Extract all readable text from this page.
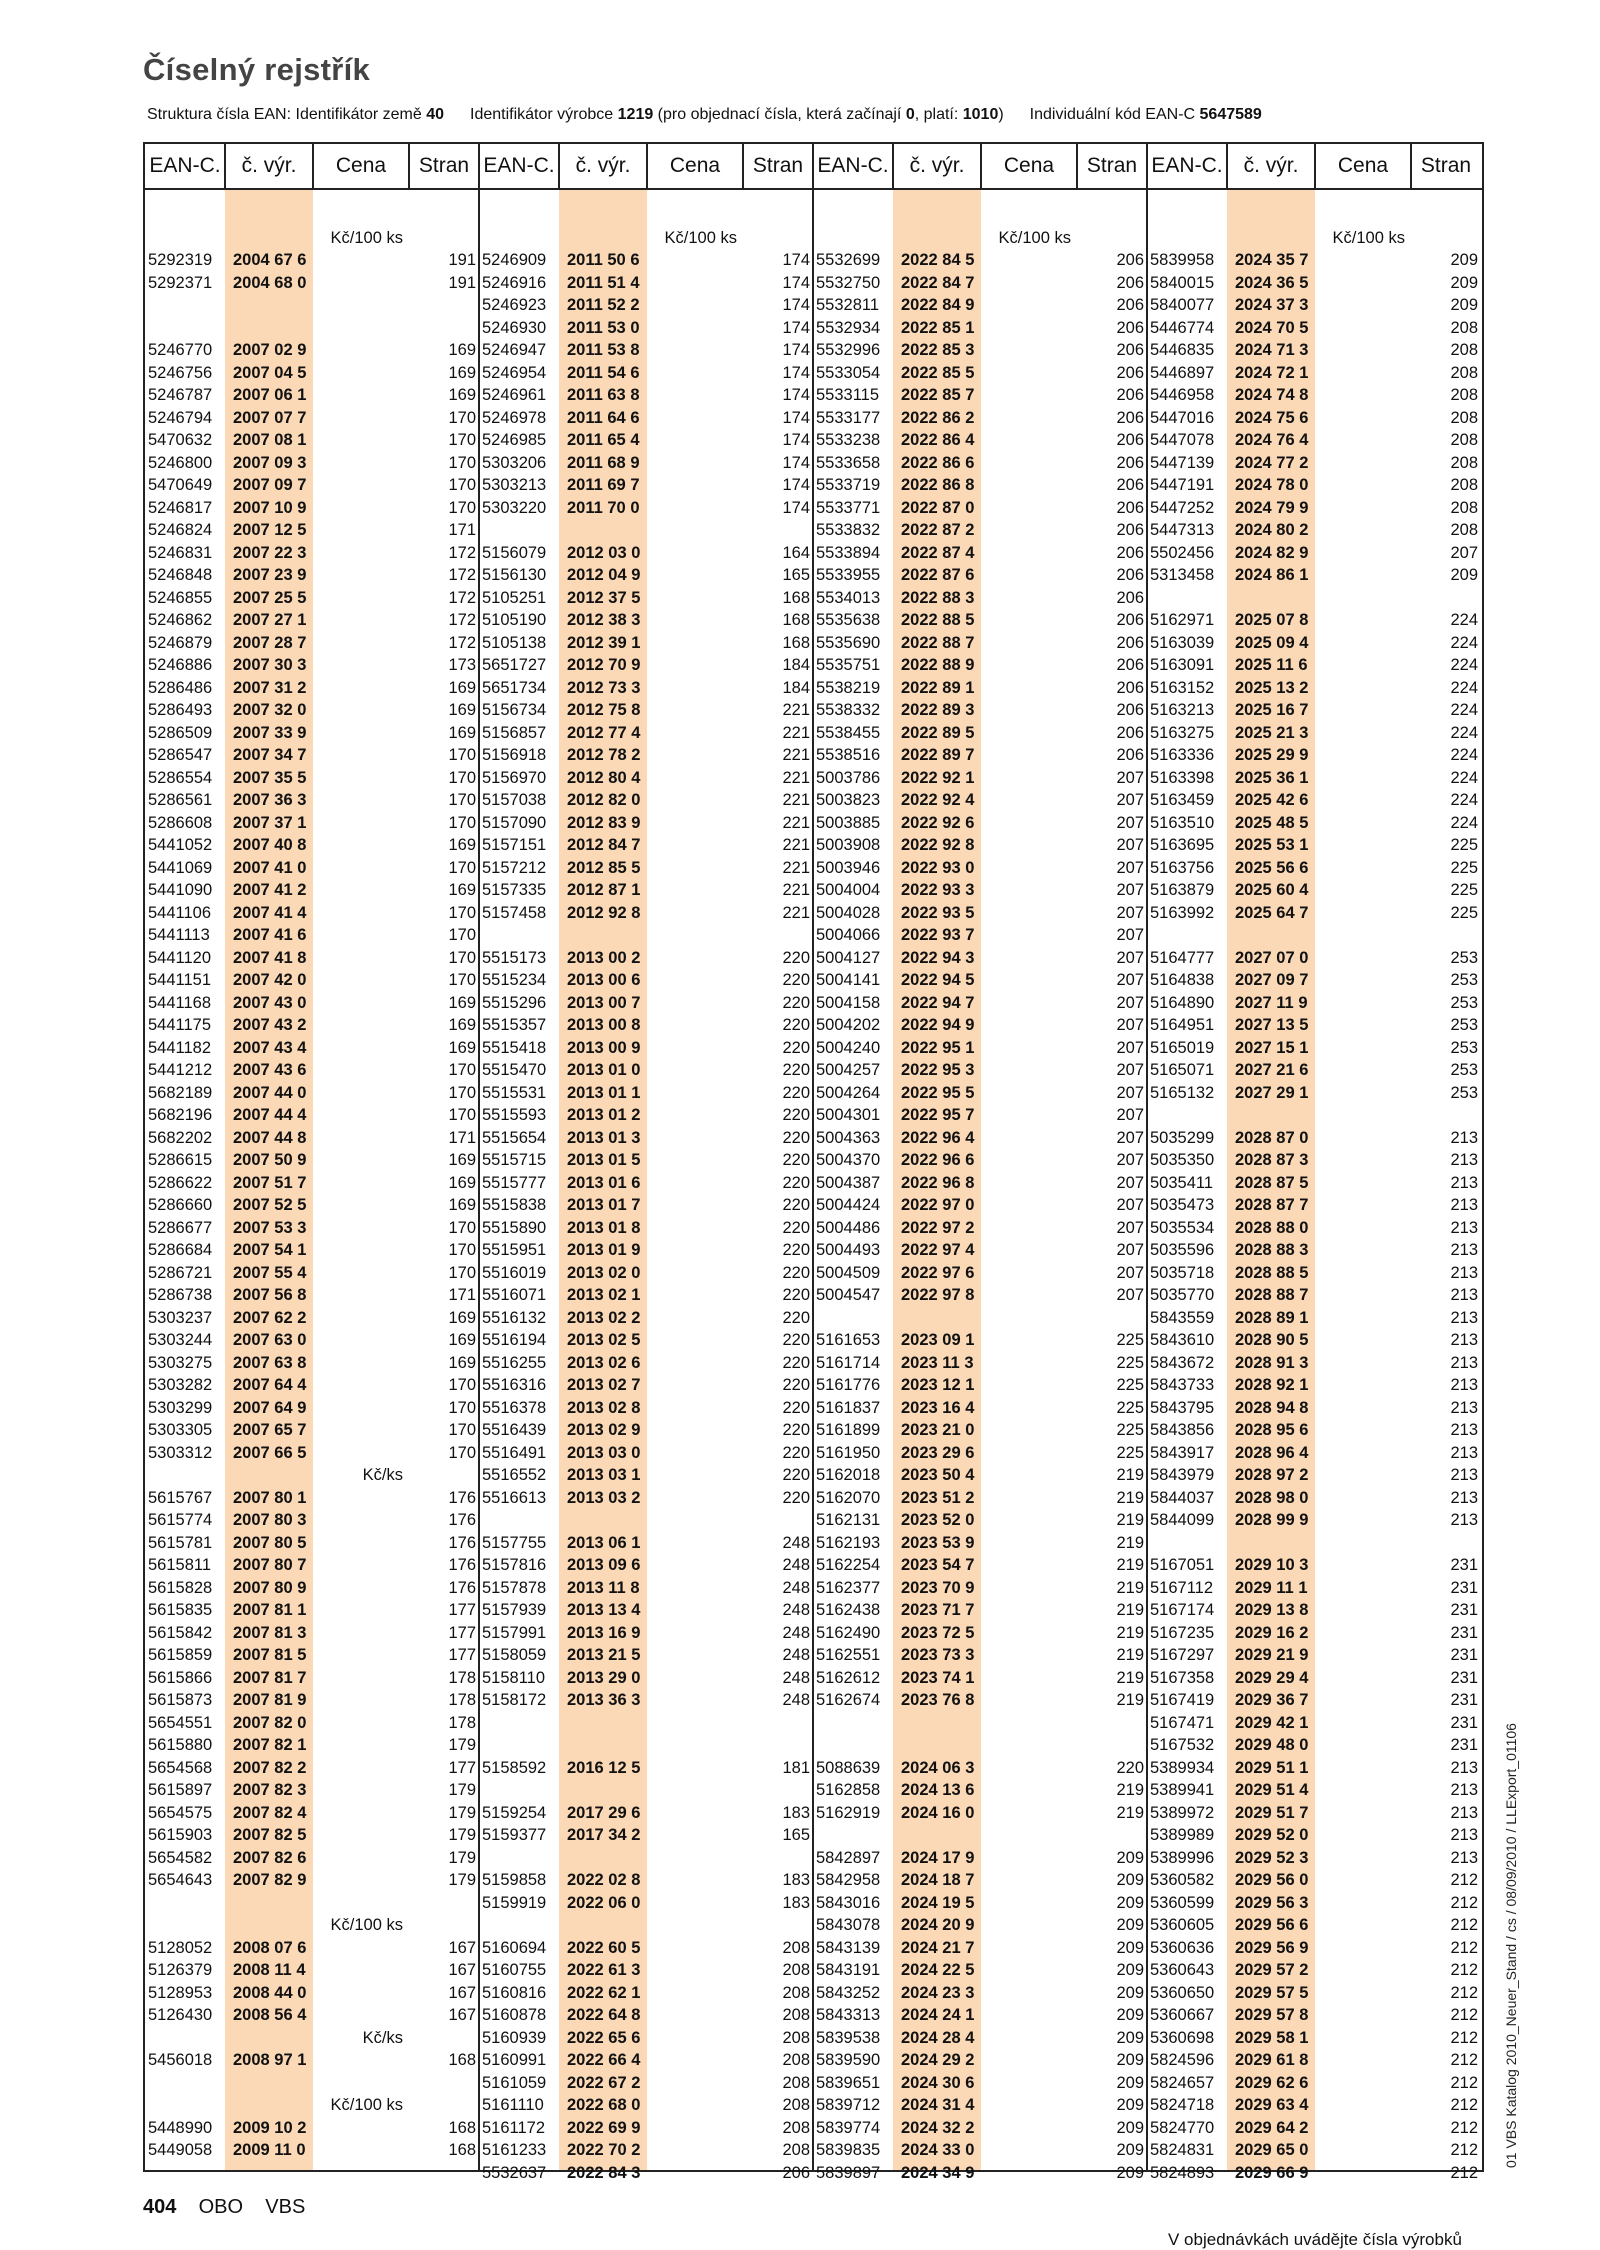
Číselný rejstřík
Struktura čísla EAN: Identifikátor země 40 Identifikátor výrobce 1219 (pro objednací čísla, která začínají 0, platí: 1010) Individuální kód EAN-C 5647589
EAN-C. č. výr.	Cena	Stran
Kč/100 ks
5292319	2004 67 6	191
5292371	2004 68 0	191
5246770	2007 02 9	169
5246756	2007 04 5	169
5246787	2007 06 1	169
5246794	2007 07 7	170
5470632	2007 08 1	170
5246800	2007 09 3	170
5470649	2007 09 7	170
5246817	2007 10 9	170
5246824	2007 12 5	171
5246831	2007 22 3	172
5246848	2007 23 9	172
5246855	2007 25 5	172
5246862	2007 27 1	172
5246879	2007 28 7	172
5246886	2007 30 3	173
5286486	2007 31 2	169
5286493	2007 32 0	169
5286509	2007 33 9	169
5286547	2007 34 7	170
5286554	2007 35 5	170
5286561	2007 36 3	170
5286608	2007 37 1	170
5441052	2007 40 8	169
5441069	2007 41 0	170
5441090	2007 41 2	169
5441106	2007 41 4	170
5441113	2007 41 6	170
5441120	2007 41 8	170
5441151	2007 42 0	170
5441168	2007 43 0	169
5441175	2007 43 2	169
5441182	2007 43 4	169
5441212	2007 43 6	170
5682189	2007 44 0	170
5682196	2007 44 4	170
5682202	2007 44 8	171
5286615	2007 50 9	169
5286622	2007 51 7	169
5286660	2007 52 5	169
5286677	2007 53 3	170
5286684	2007 54 1	170
5286721	2007 55 4	170
5286738	2007 56 8	171
5303237	2007 62 2	169
5303244	2007 63 0	169
5303275	2007 63 8	169
5303282	2007 64 4	170
5303299	2007 64 9	170
5303305	2007 65 7	170
5303312	2007 66 5	170
Kč/ks
5615767	2007 80 1	176
5615774	2007 80 3	176
5615781	2007 80 5	176
5615811	2007 80 7	176
5615828	2007 80 9	176
5615835	2007 81 1	177
5615842	2007 81 3	177
5615859	2007 81 5	177
5615866	2007 81 7	178
5615873	2007 81 9	178
5654551	2007 82 0	178
5615880	2007 82 1	179
5654568	2007 82 2	177
5615897	2007 82 3	179
5654575	2007 82 4	179
5615903	2007 82 5	179
5654582	2007 82 6	179
5654643	2007 82 9	179
Kč/100 ks
5128052	2008 07 6	167
5126379	2008 11 4	167
5128953	2008 44 0	167
5126430	2008 56 4	167
Kč/ks
5456018	2008 97 1	168
Kč/100 ks
5448990	2009 10 2	168
5449058	2009 11 0	168
EAN-C. č. výr.	Cena	Stran
Kč/100 ks
5246909	2011 50 6	174
5246916	2011 51 4	174
5246923	2011 52 2	174
5246930	2011 53 0	174
5246947	2011 53 8	174
5246954	2011 54 6	174
5246961	2011 63 8	174
5246978	2011 64 6	174
5246985	2011 65 4	174
5303206	2011 68 9	174
5303213	2011 69 7	174
5303220	2011 70 0	174
5156079	2012 03 0	164
5156130	2012 04 9	165
5105251	2012 37 5	168
5105190	2012 38 3	168
5105138	2012 39 1	168
5651727	2012 70 9	184
5651734	2012 73 3	184
5156734	2012 75 8	221
5156857	2012 77 4	221
5156918	2012 78 2	221
5156970	2012 80 4	221
5157038	2012 82 0	221
5157090	2012 83 9	221
5157151	2012 84 7	221
5157212	2012 85 5	221
5157335	2012 87 1	221
5157458	2012 92 8	221
5515173	2013 00 2	220
5515234	2013 00 6	220
5515296	2013 00 7	220
5515357	2013 00 8	220
5515418	2013 00 9	220
5515470	2013 01 0	220
5515531	2013 01 1	220
5515593	2013 01 2	220
5515654	2013 01 3	220
5515715	2013 01 5	220
5515777	2013 01 6	220
5515838	2013 01 7	220
5515890	2013 01 8	220
5515951	2013 01 9	220
5516019	2013 02 0	220
5516071	2013 02 1	220
5516132	2013 02 2	220
5516194	2013 02 5	220
5516255	2013 02 6	220
5516316	2013 02 7	220
5516378	2013 02 8	220
5516439	2013 02 9	220
5516491	2013 03 0	220
5516552	2013 03 1	220
5516613	2013 03 2	220
5157755	2013 06 1	248
5157816	2013 09 6	248
5157878	2013 11 8	248
5157939	2013 13 4	248
5157991	2013 16 9	248
5158059	2013 21 5	248
5158110	2013 29 0	248
5158172	2013 36 3	248
5158592	2016 12 5	181
5159254	2017 29 6	183
5159377	2017 34 2	165
5159858	2022 02 8	183
5159919	2022 06 0	183
5160694	2022 60 5	208
5160755	2022 61 3	208
5160816	2022 62 1	208
5160878	2022 64 8	208
5160939	2022 65 6	208
5160991	2022 66 4	208
5161059	2022 67 2	208
5161110	2022 68 0	208
5161172	2022 69 9	208
5161233	2022 70 2	208
5532637	2022 84 3	206
EAN-C. č. výr.	Cena	Stran
Kč/100 ks
5532699	2022 84 5	206
5532750	2022 84 7	206
5532811	2022 84 9	206
5532934	2022 85 1	206
5532996	2022 85 3	206
5533054	2022 85 5	206
5533115	2022 85 7	206
5533177	2022 86 2	206
5533238	2022 86 4	206
5533658	2022 86 6	206
5533719	2022 86 8	206
5533771	2022 87 0	206
5533832	2022 87 2	206
5533894	2022 87 4	206
5533955	2022 87 6	206
5534013	2022 88 3	206
5535638	2022 88 5	206
5535690	2022 88 7	206
5535751	2022 88 9	206
5538219	2022 89 1	206
5538332	2022 89 3	206
5538455	2022 89 5	206
5538516	2022 89 7	206
5003786	2022 92 1	207
5003823	2022 92 4	207
5003885	2022 92 6	207
5003908	2022 92 8	207
5003946	2022 93 0	207
5004004	2022 93 3	207
5004028	2022 93 5	207
5004066	2022 93 7	207
5004127	2022 94 3	207
5004141	2022 94 5	207
5004158	2022 94 7	207
5004202	2022 94 9	207
5004240	2022 95 1	207
5004257	2022 95 3	207
5004264	2022 95 5	207
5004301	2022 95 7	207
5004363	2022 96 4	207
5004370	2022 96 6	207
5004387	2022 96 8	207
5004424	2022 97 0	207
5004486	2022 97 2	207
5004493	2022 97 4	207
5004509	2022 97 6	207
5004547	2022 97 8	207
5161653	2023 09 1	225
5161714	2023 11 3	225
5161776	2023 12 1	225
5161837	2023 16 4	225
5161899	2023 21 0	225
5161950	2023 29 6	225
5162018	2023 50 4	219
5162070	2023 51 2	219
5162131	2023 52 0	219
5162193	2023 53 9	219
5162254	2023 54 7	219
5162377	2023 70 9	219
5162438	2023 71 7	219
5162490	2023 72 5	219
5162551	2023 73 3	219
5162612	2023 74 1	219
5162674	2023 76 8	219
5088639	2024 06 3	220
5162858	2024 13 6	219
5162919	2024 16 0	219
5842897	2024 17 9	209
5842958	2024 18 7	209
5843016	2024 19 5	209
5843078	2024 20 9	209
5843139	2024 21 7	209
5843191	2024 22 5	209
5843252	2024 23 3	209
5843313	2024 24 1	209
5839538	2024 28 4	209
5839590	2024 29 2	209
5839651	2024 30 6	209
5839712	2024 31 4	209
5839774	2024 32 2	209
5839835	2024 33 0	209
5839897	2024 34 9	209
EAN-C. č. výr.	Cena	Stran
Kč/100 ks
5839958	2024 35 7	209
5840015	2024 36 5	209
5840077	2024 37 3	209
5446774	2024 70 5	208
5446835	2024 71 3	208
5446897	2024 72 1	208
5446958	2024 74 8	208
5447016	2024 75 6	208
5447078	2024 76 4	208
5447139	2024 77 2	208
5447191	2024 78 0	208
5447252	2024 79 9	208
5447313	2024 80 2	208
5502456	2024 82 9	207
5313458	2024 86 1	209
5162971	2025 07 8	224
5163039	2025 09 4	224
5163091	2025 11 6	224
5163152	2025 13 2	224
5163213	2025 16 7	224
5163275	2025 21 3	224
5163336	2025 29 9	224
5163398	2025 36 1	224
5163459	2025 42 6	224
5163510	2025 48 5	224
5163695	2025 53 1	225
5163756	2025 56 6	225
5163879	2025 60 4	225
5163992	2025 64 7	225
5164777	2027 07 0	253
5164838	2027 09 7	253
5164890	2027 11 9	253
5164951	2027 13 5	253
5165019	2027 15 1	253
5165071	2027 21 6	253
5165132	2027 29 1	253
5035299	2028 87 0	213
5035350	2028 87 3	213
5035411	2028 87 5	213
5035473	2028 87 7	213
5035534	2028 88 0	213
5035596	2028 88 3	213
5035718	2028 88 5	213
5035770	2028 88 7	213
5843559	2028 89 1	213
5843610	2028 90 5	213
5843672	2028 91 3	213
5843733	2028 92 1	213
5843795	2028 94 8	213
5843856	2028 95 6	213
5843917	2028 96 4	213
5843979	2028 97 2	213
5844037	2028 98 0	213
5844099	2028 99 9	213
5167051	2029 10 3	231
5167112	2029 11 1	231
5167174	2029 13 8	231
5167235	2029 16 2	231
5167297	2029 21 9	231
5167358	2029 29 4	231
5167419	2029 36 7	231
5167471	2029 42 1	231
5167532	2029 48 0	231
5389934	2029 51 1	213
5389941	2029 51 4	213
5389972	2029 51 7	213
5389989	2029 52 0	213
5389996	2029 52 3	213
5360582	2029 56 0	212
5360599	2029 56 3	212
5360605	2029 56 6	212
5360636	2029 56 9	212
5360643	2029 57 2	212
5360650	2029 57 5	212
5360667	2029 57 8	212
5360698	2029 58 1	212
5824596	2029 61 8	212
5824657	2029 62 6	212
5824718	2029 63 4	212
5824770	2029 64 2	212
5824831	2029 65 0	212
5824893	2029 66 9	212
404 OBO VBS
V objednávkách uvádějte čísla výrobků
01 VBS Katalog 2010_Neuer_Stand / cs / 08/09/2010 / LLExport_01106
